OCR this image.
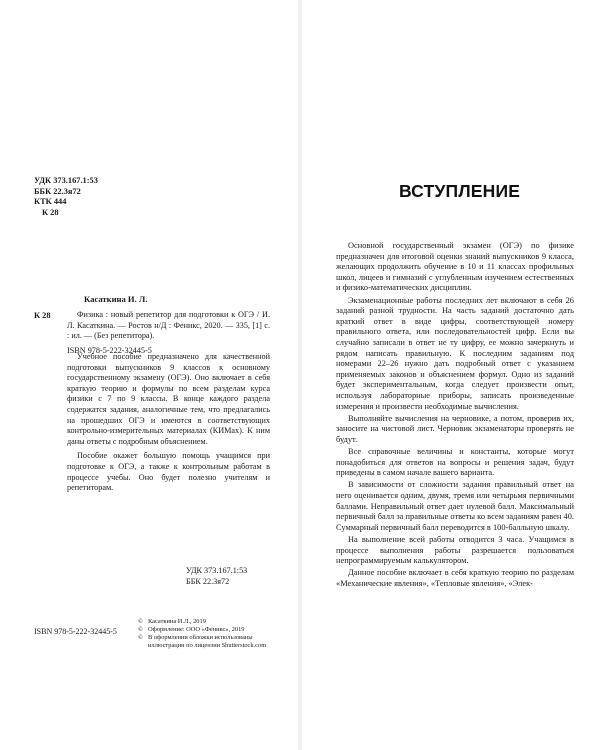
УДК 373.167.1:53
ББК 22.3я72
КТК 444
К 28
Касаткина И. Л.
К 28	Физика : новый репетитор для подготовки к ОГЭ / И. Л. Касаткина. — Ростов н/Д : Феникс, 2020. — 335, [1] с. : ил. — (Без репетитора).
ISBN 978-5-222-32445-5

Учебное пособие предназначено для качественной подготовки выпускников 9 классов к основному государственному экзамену (ОГЭ). Оно включает в себя краткую теорию и формулы по всем разделам курса физики с 7 по 9 классы. В конце каждого раздела содержатся задания, аналогичные тем, что предлагались на прошедших ОГЭ и имеются в соответствующих контрольно-измерительных материалах (КИМах). К ним даны ответы с подробным объяснением.

Пособие окажет большую помощь учащимся при подготовке к ОГЭ, а также к контрольным работам в процессе учебы. Оно будет полезно учителям и репетиторам.

УДК 373.167.1:53
ББК 22.3я72
ISBN 978-5-222-32445-5
© Касаткина И.Л., 2019
© Оформление: ООО «Феникс», 2019
© В оформлении обложки использованы
иллюстрации по лицензии Shutterstock.com
ВСТУПЛЕНИЕ

Основной государственный экзамен (ОГЭ) по физике предназначен для итоговой оценки знаний выпускников 9 класса, желающих продолжить обучение в 10 и 11 классах профильных школ, лицеев и гимназий с углубленным изучением естественных и физико-математических дисциплин.

Экзаменационные работы последних лет включают в себя 26 заданий разной трудности. На часть заданий достаточно дать краткий ответ в виде цифры, соответствующей номеру правильного ответа, или последовательностей цифр. Если вы случайно записали в ответ не ту цифру, ее можно зачеркнуть и рядом написать правильную. К последним заданиям под номерами 22–26 нужно дать подробный ответ с указанием применяемых законов и объяснением формул. Одно из заданий будет экспериментальным, когда следует произвести опыт, используя лабораторные приборы, записать произведенные измерения и произвести необходимые вычисления.

Выполняйте вычисления на черновике, а потом, проверив их, заносите на чистовой лист. Черновик экзаменаторы проверять не будут.

Все справочные величины и константы, которые могут понадобиться для ответов на вопросы и решения задач, будут приведены в самом начале вашего варианта.

В зависимости от сложности задания правильный ответ на него оценивается одним, двумя, тремя или четырьмя первичными баллами. Неправильный ответ дает нулевой балл. Максимальный первичный балл за правильные ответы ко всем заданиям равен 40. Суммарный первичный балл переводится в 100-балльную шкалу.

На выполнение всей работы отводится 3 часа. Учащимся в процессе выполнения работы разрешается пользоваться непрограммируемым калькулятором.

Данное пособие включает в себя краткую теорию по разделам «Механические явления», «Тепловые явления», «Элек-
